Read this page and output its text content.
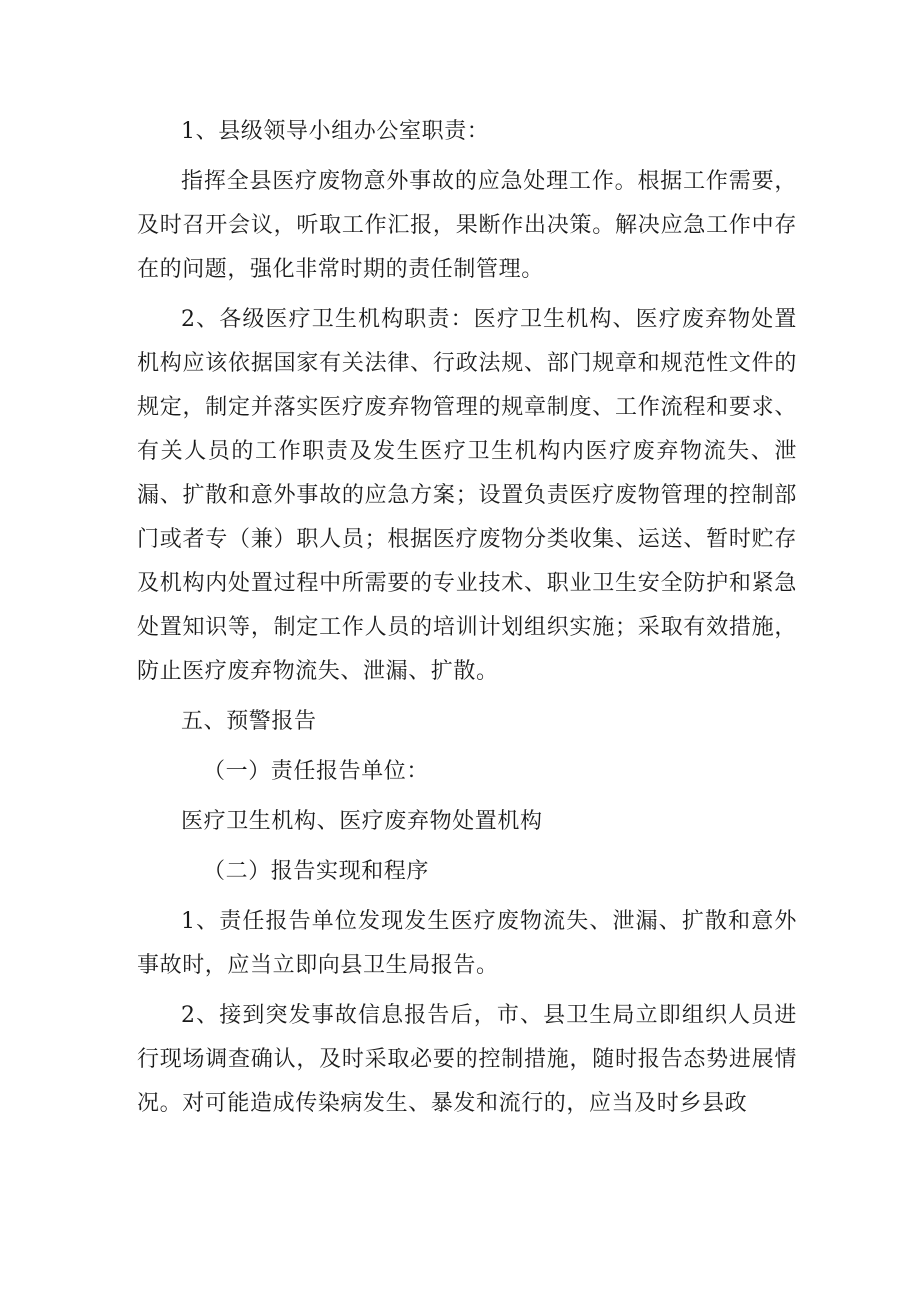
1、县级领导小组办公室职责：

指挥全县医疗废物意外事故的应急处理工作。根据工作需要，及时召开会议，听取工作汇报，果断作出决策。解决应急工作中存在的问题，强化非常时期的责任制管理。

2、各级医疗卫生机构职责：医疗卫生机构、医疗废弃物处置机构应该依据国家有关法律、行政法规、部门规章和规范性文件的规定，制定并落实医疗废弃物管理的规章制度、工作流程和要求、有关人员的工作职责及发生医疗卫生机构内医疗废弃物流失、泄漏、扩散和意外事故的应急方案；设置负责医疗废物管理的控制部门或者专（兼）职人员；根据医疗废物分类收集、运送、暂时贮存及机构内处置过程中所需要的专业技术、职业卫生安全防护和紧急处置知识等，制定工作人员的培训计划组织实施；采取有效措施，防止医疗废弃物流失、泄漏、扩散。

五、预警报告

（一）责任报告单位：

医疗卫生机构、医疗废弃物处置机构

（二）报告实现和程序

1、责任报告单位发现发生医疗废物流失、泄漏、扩散和意外事故时，应当立即向县卫生局报告。

2、接到突发事故信息报告后，市、县卫生局立即组织人员进行现场调查确认，及时采取必要的控制措施，随时报告态势进展情况。对可能造成传染病发生、暴发和流行的，应当及时乡县政
